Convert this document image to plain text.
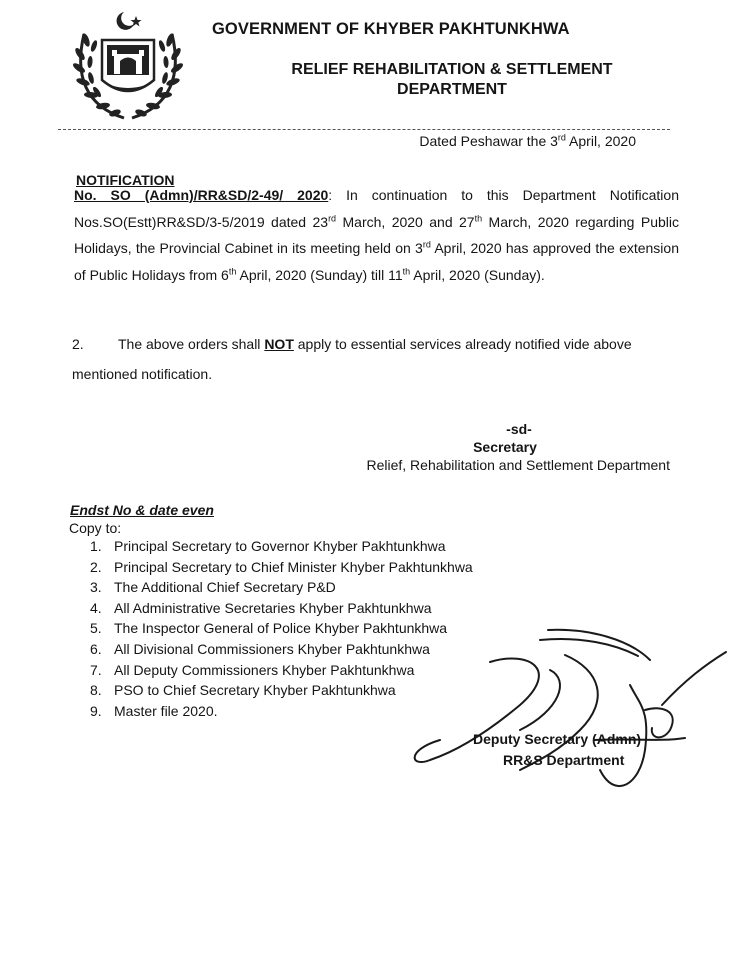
GOVERNMENT OF KHYBER PAKHTUNKHWA
RELIEF REHABILITATION & SETTLEMENT
DEPARTMENT
Dated Peshawar the 3rd April, 2020
NOTIFICATION
No. SO (Admn)/RR&SD/2-49/ 2020: In continuation to this Department Notification Nos.SO(Estt)RR&SD/3-5/2019 dated 23rd March, 2020 and 27th March, 2020 regarding Public Holidays, the Provincial Cabinet in its meeting held on 3rd April, 2020 has approved the extension of Public Holidays from 6th April, 2020 (Sunday) till 11th April, 2020 (Sunday).
2. The above orders shall NOT apply to essential services already notified vide above mentioned notification.
-sd-
Secretary
Relief, Rehabilitation and Settlement Department
Endst No & date even
Copy to:
1. Principal Secretary to Governor Khyber Pakhtunkhwa
2. Principal Secretary to Chief Minister Khyber Pakhtunkhwa
3. The Additional Chief Secretary P&D
4. All Administrative Secretaries Khyber Pakhtunkhwa
5. The Inspector General of Police Khyber Pakhtunkhwa
6. All Divisional Commissioners Khyber Pakhtunkhwa
7. All Deputy Commissioners Khyber Pakhtunkhwa
8. PSO to Chief Secretary Khyber Pakhtunkhwa
9. Master file 2020.
Deputy Secretary (Admn)
RR&S Department
